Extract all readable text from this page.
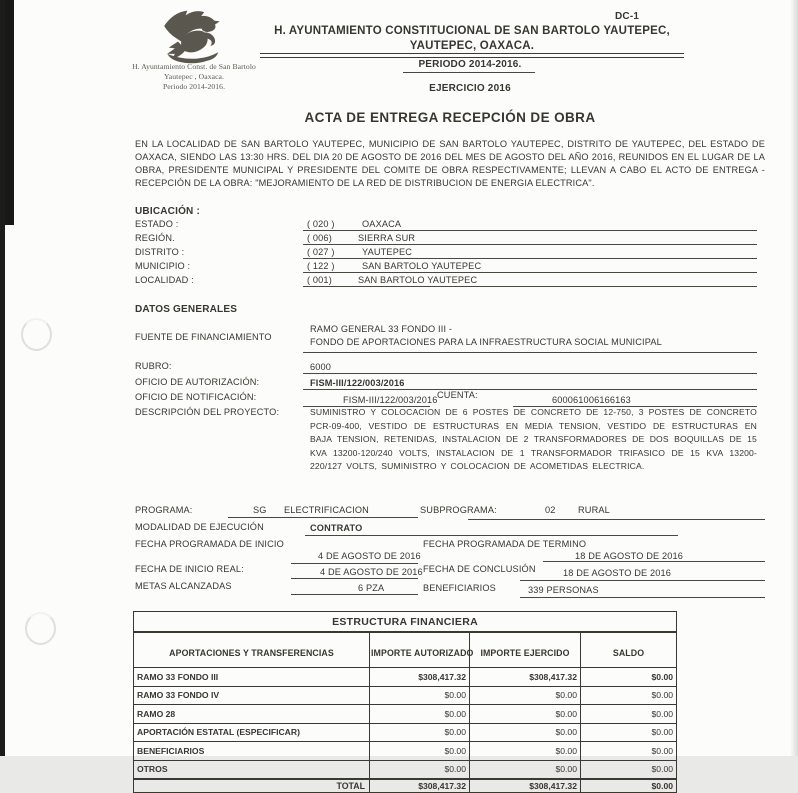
H. Ayuntamiento Const. de San Bartolo
Yautepec , Oaxaca.
Periodo 2014-2016.
DC-1
H. AYUNTAMIENTO CONSTITUCIONAL DE SAN BARTOLO YAUTEPEC,
YAUTEPEC, OAXACA.
PERIODO 2014-2016.
EJERCICIO 2016
ACTA DE ENTREGA RECEPCIÓN DE OBRA
EN LA LOCALIDAD DE SAN BARTOLO YAUTEPEC, MUNICIPIO DE SAN BARTOLO YAUTEPEC, DISTRITO DE YAUTEPEC, DEL ESTADO DE OAXACA, SIENDO LAS 13:30 HRS. DEL DIA 20 DE AGOSTO DE 2016 DEL MES DE AGOSTO DEL AÑO 2016, REUNIDOS EN EL LUGAR DE LA OBRA, PRESIDENTE MUNICIPAL Y PRESIDENTE DEL COMITE DE OBRA RESPECTIVAMENTE; LLEVAN A CABO EL ACTO DE ENTREGA - RECEPCIÓN DE LA OBRA: "MEJORAMIENTO DE LA RED DE DISTRIBUCION DE ENERGIA ELECTRICA".
UBICACIÓN :
ESTADO :	( 020 )	OAXACA
REGIÓN.	( 006)	SIERRA SUR
DISTRITO :	( 027 )	YAUTEPEC
MUNICIPIO :	( 122 )	SAN BARTOLO YAUTEPEC
LOCALIDAD :	( 001)	SAN BARTOLO YAUTEPEC
DATOS GENERALES
FUENTE DE FINANCIAMIENTO
RAMO GENERAL 33 FONDO III -
FONDO DE APORTACIONES PARA LA INFRAESTRUCTURA SOCIAL MUNICIPAL
RUBRO:	6000
OFICIO DE AUTORIZACIÓN:	FISM-III/122/003/2016
OFICIO DE NOTIFICACIÓN:	FISM-III/122/003/2016 CUENTA:	600061006166163
DESCRIPCIÓN DEL PROYECTO:	SUMINISTRO Y COLOCACION DE 6 POSTES DE CONCRETO DE 12-750, 3 POSTES DE CONCRETO PCR-09-400, VESTIDO DE ESTRUCTURAS EN MEDIA TENSION, VESTIDO DE ESTRUCTURAS EN BAJA TENSION, RETENIDAS, INSTALACION DE 2 TRANSFORMADORES DE DOS BOQUILLAS DE 15 KVA 13200-120/240 VOLTS, INSTALACION DE 1 TRANSFORMADOR TRIFASICO DE 15 KVA 13200-220/127 VOLTS, SUMINISTRO Y COLOCACION DE ACOMETIDAS ELECTRICA.
PROGRAMA:	SG ELECTRIFICACION	SUBPROGRAMA:	02 RURAL
MODALIDAD DE EJECUCIÓN	CONTRATO
FECHA PROGRAMADA DE INICIO	FECHA PROGRAMADA DE TERMINO
4 DE AGOSTO DE 2016	18 DE AGOSTO DE 2016
FECHA DE INICIO REAL:	4 DE AGOSTO DE 2016 FECHA DE CONCLUSIÓN	18 DE AGOSTO DE 2016
METAS ALCANZADAS	6 PZA	BENEFICIARIOS	339 PERSONAS
ESTRUCTURA FINANCIERA			
APORTACIONES Y TRANSFERENCIAS	IMPORTE AUTORIZADO	IMPORTE EJERCIDO	SALDO
RAMO 33 FONDO III	$308,417.32	$308,417.32	$0.00
RAMO 33 FONDO IV	$0.00	$0.00	$0.00
RAMO 28	$0.00	$0.00	$0.00
APORTACIÓN ESTATAL (ESPECIFICAR)	$0.00	$0.00	$0.00
BENEFICIARIOS	$0.00	$0.00	$0.00
OTROS	$0.00	$0.00	$0.00
TOTAL	$308,417.32	$308,417.32	$0.00
